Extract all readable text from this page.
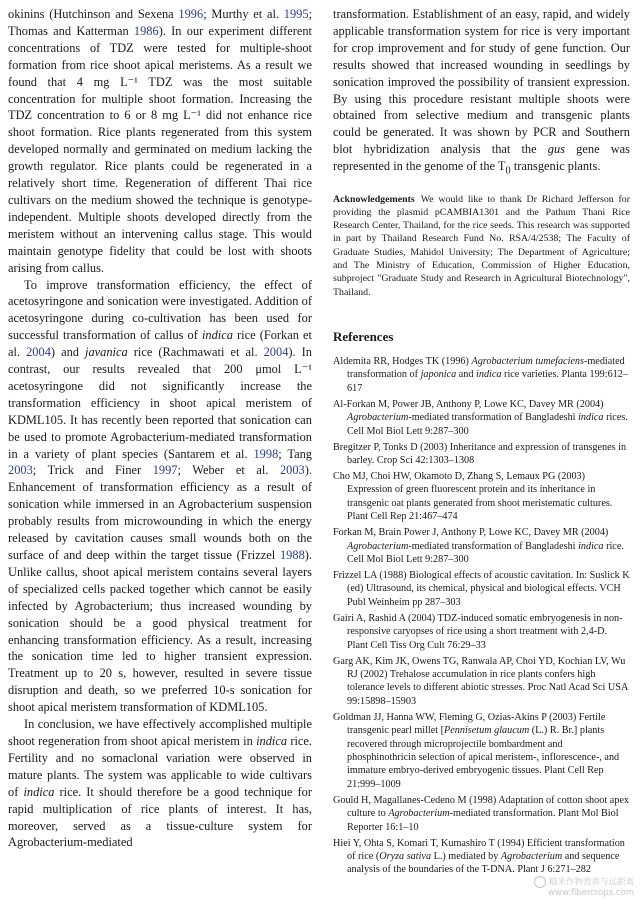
okinins (Hutchinson and Sexena 1996; Murthy et al. 1995; Thomas and Katterman 1986). In our experiment different concentrations of TDZ were tested for multiple-shoot formation from rice shoot apical meristems. As a result we found that 4 mg L⁻¹ TDZ was the most suitable concentration for multiple shoot formation. Increasing the TDZ concentration to 6 or 8 mg L⁻¹ did not enhance rice shoot formation. Rice plants regenerated from this system developed normally and germinated on medium lacking the growth regulator. Rice plants could be regenerated in a relatively short time. Regeneration of different Thai rice cultivars on the medium showed the technique is genotype-independent. Multiple shoots developed directly from the meristem without an intervening callus stage. This would maintain genotype fidelity that could be lost with shoots arising from callus.

To improve transformation efficiency, the effect of acetosyringone and sonication were investigated. Addition of acetosyringone during co-cultivation has been used for successful transformation of callus of indica rice (Forkan et al. 2004) and javanica rice (Rachmawati et al. 2004). In contrast, our results revealed that 200 μmol L⁻¹ acetosyringone did not significantly increase the transformation efficiency in shoot apical meristem of KDML105. It has recently been reported that sonication can be used to promote Agrobacterium-mediated transformation in a variety of plant species (Santarem et al. 1998; Tang 2003; Trick and Finer 1997; Weber et al. 2003). Enhancement of transformation efficiency as a result of sonication while immersed in an Agrobacterium suspension probably results from microwounding in which the energy released by cavitation causes small wounds both on the surface of and deep within the target tissue (Frizzel 1988). Unlike callus, shoot apical meristem contains several layers of specialized cells packed together which cannot be easily infected by Agrobacterium; thus increased wounding by sonication should be a good physical treatment for enhancing transformation efficiency. As a result, increasing the sonication time led to higher transient expression. Treatment up to 20 s, however, resulted in severe tissue disruption and death, so we preferred 10-s sonication for shoot apical meristem transformation of KDML105.

In conclusion, we have effectively accomplished multiple shoot regeneration from shoot apical meristem in indica rice. Fertility and no somaclonal variation were observed in mature plants. The system was applicable to wide cultivars of indica rice. It should therefore be a good technique for rapid multiplication of rice plants of interest. It has, moreover, served as a tissue-culture system for Agrobacterium-mediated

transformation. Establishment of an easy, rapid, and widely applicable transformation system for rice is very important for crop improvement and for study of gene function. Our results showed that increased wounding in seedlings by sonication improved the possibility of transient expression. By using this procedure resistant multiple shoots were obtained from selective medium and transgenic plants could be generated. It was shown by PCR and Southern blot hybridization analysis that the gus gene was represented in the genome of the $T_0$ transgenic plants.

Acknowledgements We would like to thank Dr Richard Jefferson for providing the plasmid pCAMBIA1301 and the Pathum Thani Rice Research Center, Thailand, for the rice seeds. This research was supported in part by Thailand Research Fund No. RSA/4/2538; The Faculty of Graduate Studies, Mahidol University; The Department of Agriculture; and The Ministry of Education, Commission of Higher Education, subproject "Graduate Study and Research in Agricultural Biotechnology", Thailand.

References

Aldemita RR, Hodges TK (1996) Agrobacterium tumefaciens-mediated transformation of japonica and indica rice varieties. Planta 199:612–617

Al-Forkan M, Power JB, Anthony P, Lowe KC, Davey MR (2004) Agrobacterium-mediated transformation of Bangladeshi indica rices. Cell Mol Biol Lett 9:287–300

Bregitzer P, Tonks D (2003) Inheritance and expression of transgenes in barley. Crop Sci 42:1303–1308

Cho MJ, Choi HW, Okamoto D, Zhang S, Lemaux PG (2003) Expression of green fluorescent protein and its inheritance in transgenic oat plants generated from shoot meristematic cultures. Plant Cell Rep 21:467–474

Forkan M, Brain Power J, Anthony P, Lowe KC, Davey MR (2004) Agrobacterium-mediated transformation of Bangladeshi indica rice. Cell Mol Biol Lett 9:287–300

Frizzel LA (1988) Biological effects of acoustic cavitation. In: Suslick K (ed) Ultrasound, its chemical, physical and biological effects. VCH Publ Weinheim pp 287–303

Gairi A, Rashid A (2004) TDZ-induced somatic embryogenesis in non-responsive caryopses of rice using a short treatment with 2,4-D. Plant Cell Tiss Org Cult 76:29–33

Garg AK, Kim JK, Owens TG, Ranwala AP, Choi YD, Kochian LV, Wu RJ (2002) Trehalose accumulation in rice plants confers high tolerance levels to different abiotic stresses. Proc Natl Acad Sci USA 99:15898–15903

Goldman JJ, Hanna WW, Fleming G, Ozias-Akins P (2003) Fertile transgenic pearl millet [Pennisetum glaucum (L.) R. Br.] plants recovered through microprojectile bombardment and phosphinothricin selection of apical meristem-, inflorescence-, and immature embryo-derived embryogenic tissues. Plant Cell Rep 21:999–1009

Gould H, Magallanes-Cedeno M (1998) Adaptation of cotton shoot apex culture to Agrobacterium-mediated transformation. Plant Mol Biol Reporter 16:1–10

Hiei Y, Ohta S, Komari T, Kumashiro T (1994) Efficient transformation of rice (Oryza sativa L.) mediated by Agrobacterium and sequence analysis of the boundaries of the T-DNA. Plant J 6:271–282

糙米作物营养与远距离
www.fibercrops.com
